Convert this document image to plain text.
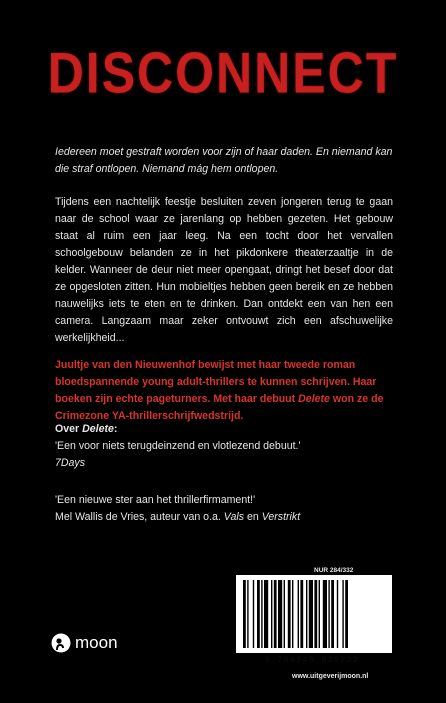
DISCONNECT
Iedereen moet gestraft worden voor zijn of haar daden. En niemand kan die straf ontlopen. Niemand mág hem ontlopen.
Tijdens een nachtelijk feestje besluiten zeven jongeren terug te gaan naar de school waar ze jarenlang op hebben gezeten. Het gebouw staat al ruim een jaar leeg. Na een tocht door het vervallen schoolgebouw belanden ze in het pikdonkere theaterzaaltje in de kelder. Wanneer de deur niet meer opengaat, dringt het besef door dat ze opgesloten zitten. Hun mobieltjes hebben geen bereik en ze hebben nauwelijks iets te eten en te drinken. Dan ontdekt een van hen een camera. Langzaam maar zeker ontvouwt zich een afschuwelijke werkelijkheid...
Juultje van den Nieuwenhof bewijst met haar tweede roman bloedspannende young adult-thrillers te kunnen schrijven. Haar boeken zijn echte pageturners. Met haar debuut Delete won ze de Crimezone YA-thrillerschrijfwedstrijd.
Over Delete:
'Een voor niets terugdeinzend en vlotlezend debuut.'
7Days
'Een nieuwe ster aan het thrillerfirmament!'
Mel Wallis de Vries, auteur van o.a. Vals en Verstrikt
moon
NUR 284/332
9 789048 835232
www.uitgeverijmoon.nl
